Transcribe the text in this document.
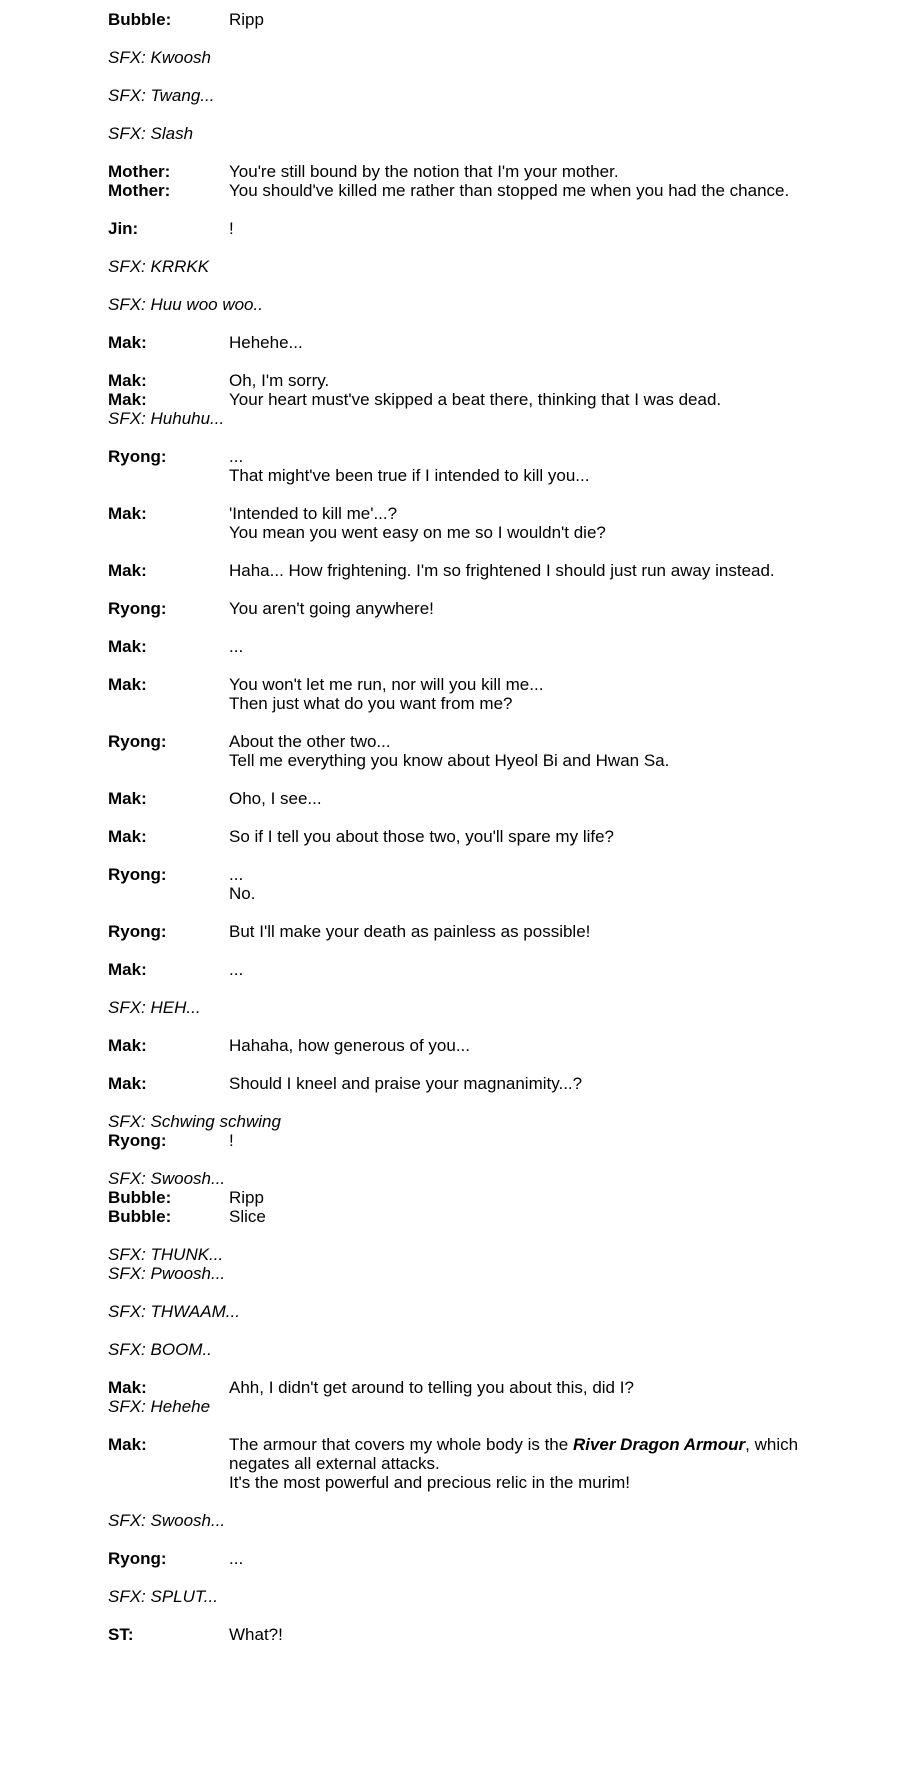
Bubble:	Ripp
SFX: Kwoosh
SFX: Twang...
SFX: Slash
Mother:	You're still bound by the notion that I'm your mother.
Mother:	You should've killed me rather than stopped me when you had the chance.
Jin:	!
SFX: KRRKK
SFX: Huu woo woo..
Mak:	Hehehe...
Mak:	Oh, I'm sorry.
Mak:	Your heart must've skipped a beat there, thinking that I was dead.
SFX: Huhuhu...
Ryong:	...
That might've been true if I intended to kill you...
Mak:	'Intended to kill me'...?
You mean you went easy on me so I wouldn't die?
Mak:	Haha... How frightening. I'm so frightened I should just run away instead.
Ryong:	You aren't going anywhere!
Mak:	...
Mak:	You won't let me run, nor will you kill me...
Then just what do you want from me?
Ryong:	About the other two...
Tell me everything you know about Hyeol Bi and Hwan Sa.
Mak:	Oho, I see...
Mak:	So if I tell you about those two, you'll spare my life?
Ryong:	...
No.
Ryong:	But I'll make your death as painless as possible!
Mak:	...
SFX: HEH...
Mak:	Hahaha, how generous of you...
Mak:	Should I kneel and praise your magnanimity...?
SFX: Schwing schwing
Ryong:	!
SFX: Swoosh...
Bubble:	Ripp
Bubble:	Slice
SFX: THUNK...
SFX: Pwoosh...
SFX: THWAAM...
SFX: BOOM..
Mak:	Ahh, I didn't get around to telling you about this, did I?
SFX: Hehehe
Mak:	The armour that covers my whole body is the River Dragon Armour, which negates all external attacks.
It's the most powerful and precious relic in the murim!
SFX: Swoosh...
Ryong:	...
SFX: SPLUT...
ST:	What?!
